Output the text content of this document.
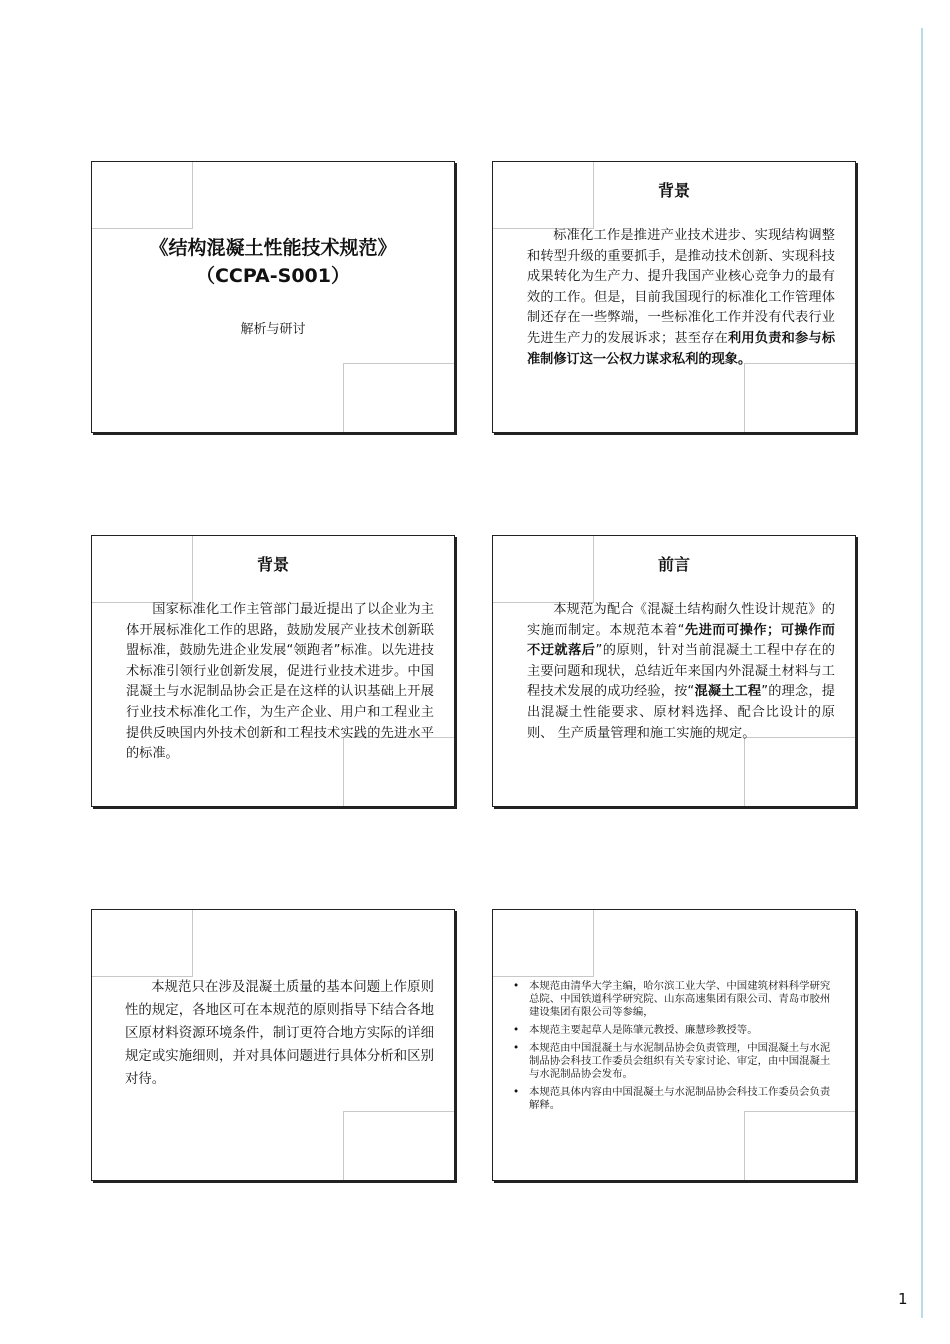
《结构混凝土性能技术规范》
（CCPA-S001）
解析与研讨
背景
标准化工作是推进产业技术进步、实现结构调整和转型升级的重要抓手，是推动技术创新、实现科技成果转化为生产力、提升我国产业核心竞争力的最有效的工作。但是，目前我国现行的标准化工作管理体制还存在一些弊端，一些标准化工作并没有代表行业先进生产力的发展诉求；甚至存在利用负责和参与标准制修订这一公权力谋求私利的现象。
背景
国家标准化工作主管部门最近提出了以企业为主体开展标准化工作的思路，鼓励发展产业技术创新联盟标准，鼓励先进企业发展“领跑者”标准。以先进技术标准引领行业创新发展，促进行业技术进步。中国混凝土与水泥制品协会正是在这样的认识基础上开展行业技术标准化工作，为生产企业、用户和工程业主提供反映国内外技术创新和工程技术实践的先进水平的标准。
前言
本规范为配合《混凝土结构耐久性设计规范》的实施而制定。本规范本着“先进而可操作；可操作而不迂就落后”的原则，针对当前混凝土工程中存在的主要问题和现状，总结近年来国内外混凝土材料与工程技术发展的成功经验，按“混凝土工程”的理念，提出混凝土性能要求、原材料选择、配合比设计的原则、 生产质量管理和施工实施的规定。
本规范只在涉及混凝土质量的基本问题上作原则性的规定，各地区可在本规范的原则指导下结合各地区原材料资源环境条件，制订更符合地方实际的详细规定或实施细则，并对具体问题进行具体分析和区别对待。
• 本规范由清华大学主编，哈尔滨工业大学、中国建筑材料科学研究总院、中国铁道科学研究院、山东高速集团有限公司、青岛市胶州建设集团有限公司等参编，
• 本规范主要起草人是陈肇元教授、廉慧珍教授等。
• 本规范由中国混凝土与水泥制品协会负责管理，中国混凝土与水泥制品协会科技工作委员会组织有关专家讨论、审定，由中国混凝土与水泥制品协会发布。
• 本规范具体内容由中国混凝土与水泥制品协会科技工作委员会负责解释。
1
